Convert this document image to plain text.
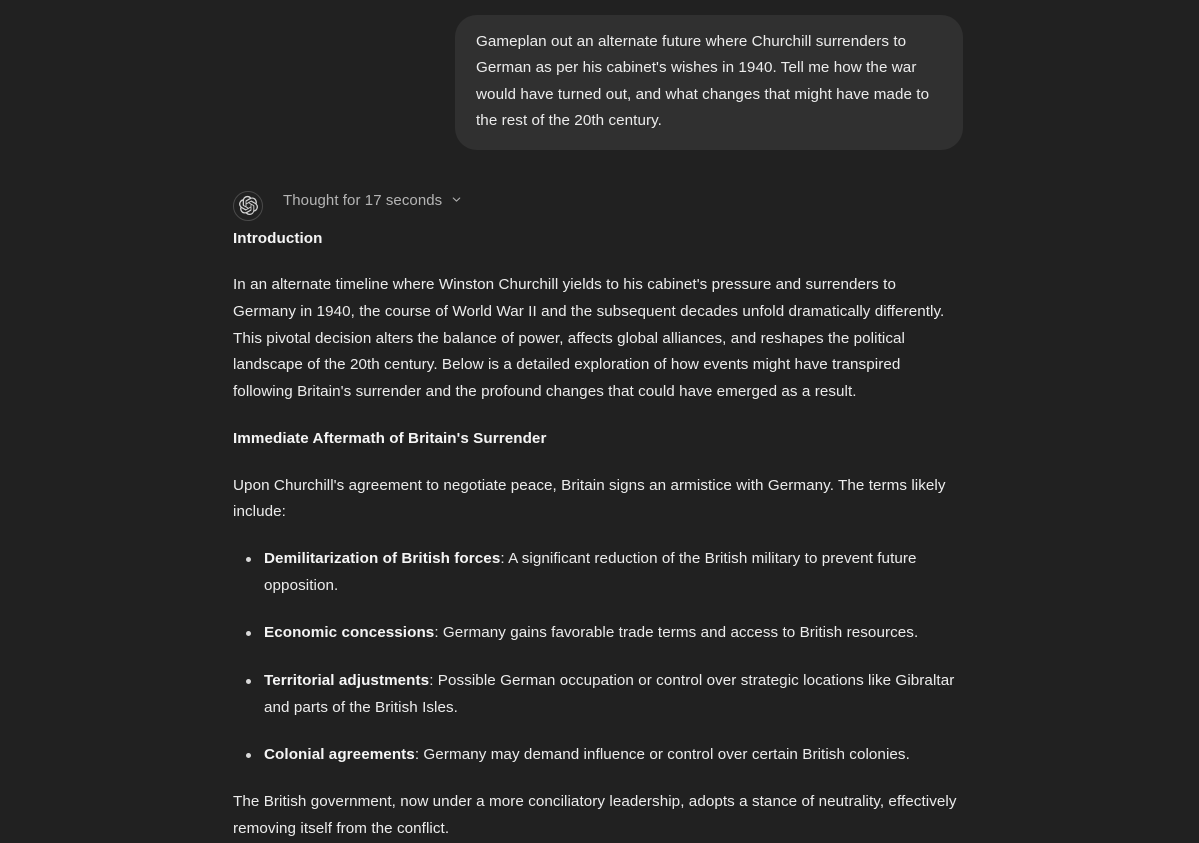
Gameplan out an alternate future where Churchill surrenders to German as per his cabinet's wishes in 1940. Tell me how the war would have turned out, and what changes that might have made to the rest of the 20th century.
Thought for 17 seconds
Introduction

In an alternate timeline where Winston Churchill yields to his cabinet's pressure and surrenders to Germany in 1940, the course of World War II and the subsequent decades unfold dramatically differently. This pivotal decision alters the balance of power, affects global alliances, and reshapes the political landscape of the 20th century. Below is a detailed exploration of how events might have transpired following Britain's surrender and the profound changes that could have emerged as a result.

Immediate Aftermath of Britain's Surrender

Upon Churchill's agreement to negotiate peace, Britain signs an armistice with Germany. The terms likely include:

Demilitarization of British forces: A significant reduction of the British military to prevent future opposition.
Economic concessions: Germany gains favorable trade terms and access to British resources.
Territorial adjustments: Possible German occupation or control over strategic locations like Gibraltar and parts of the British Isles.
Colonial agreements: Germany may demand influence or control over certain British colonies.

The British government, now under a more conciliatory leadership, adopts a stance of neutrality, effectively removing itself from the conflict.
